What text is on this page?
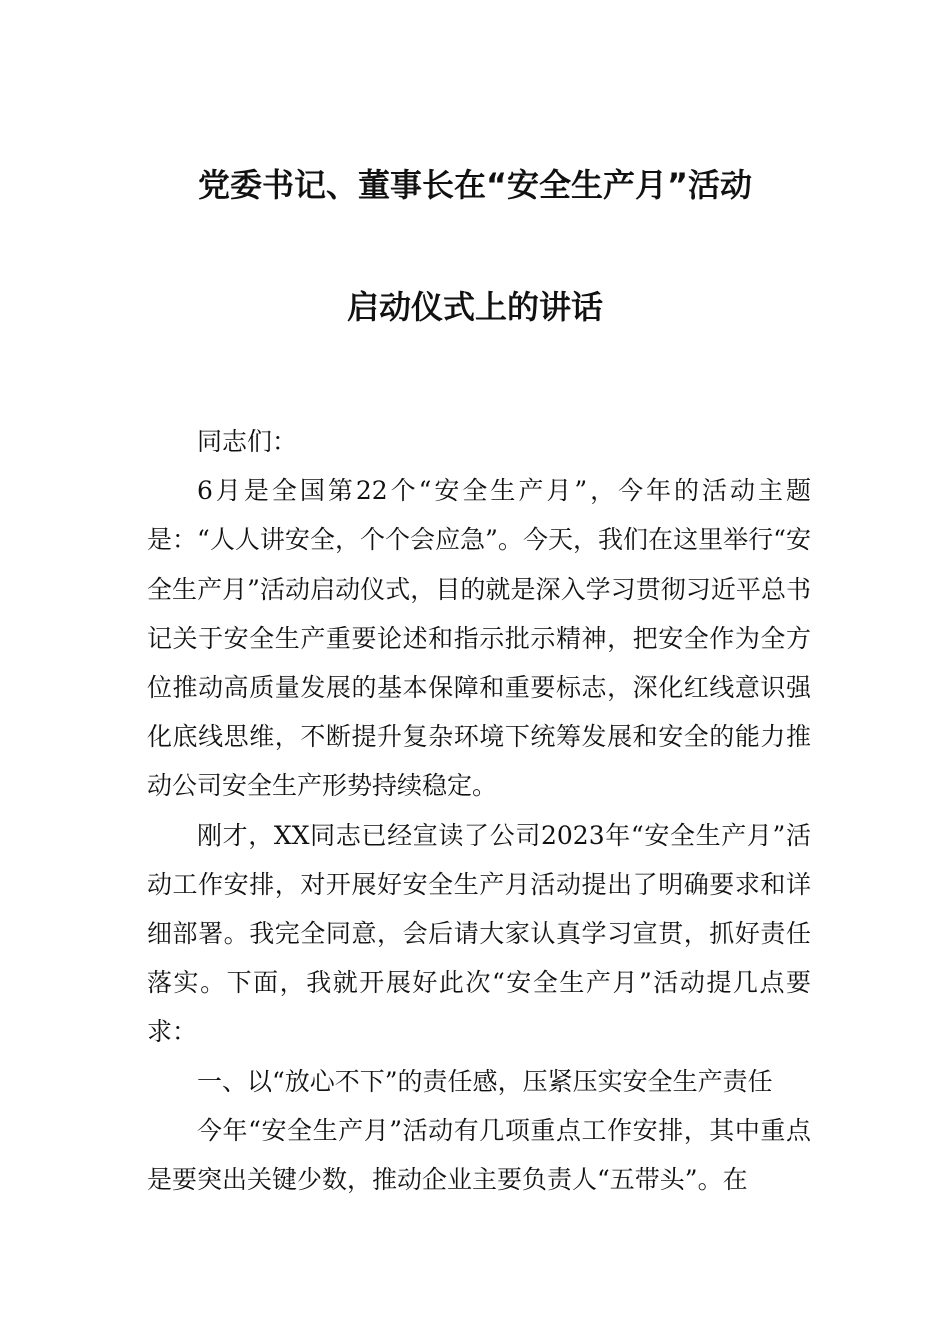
党委书记、董事长在“安全生产月”活动
启动仪式上的讲话

同志们：

6月是全国第22个“安全生产月”，今年的活动主题是：“人人讲安全，个个会应急”。今天，我们在这里举行“安全生产月”活动启动仪式，目的就是深入学习贯彻习近平总书记关于安全生产重要论述和指示批示精神，把安全作为全方位推动高质量发展的基本保障和重要标志，深化红线意识强化底线思维，不断提升复杂环境下统筹发展和安全的能力推动公司安全生产形势持续稳定。

刚才，XX同志已经宣读了公司2023年“安全生产月”活动工作安排，对开展好安全生产月活动提出了明确要求和详细部署。我完全同意，会后请大家认真学习宣贯，抓好责任落实。下面，我就开展好此次“安全生产月”活动提几点要求：

一、以“放心不下”的责任感，压紧压实安全生产责任

今年“安全生产月”活动有几项重点工作安排，其中重点是要突出关键少数，推动企业主要负责人“五带头”。在
